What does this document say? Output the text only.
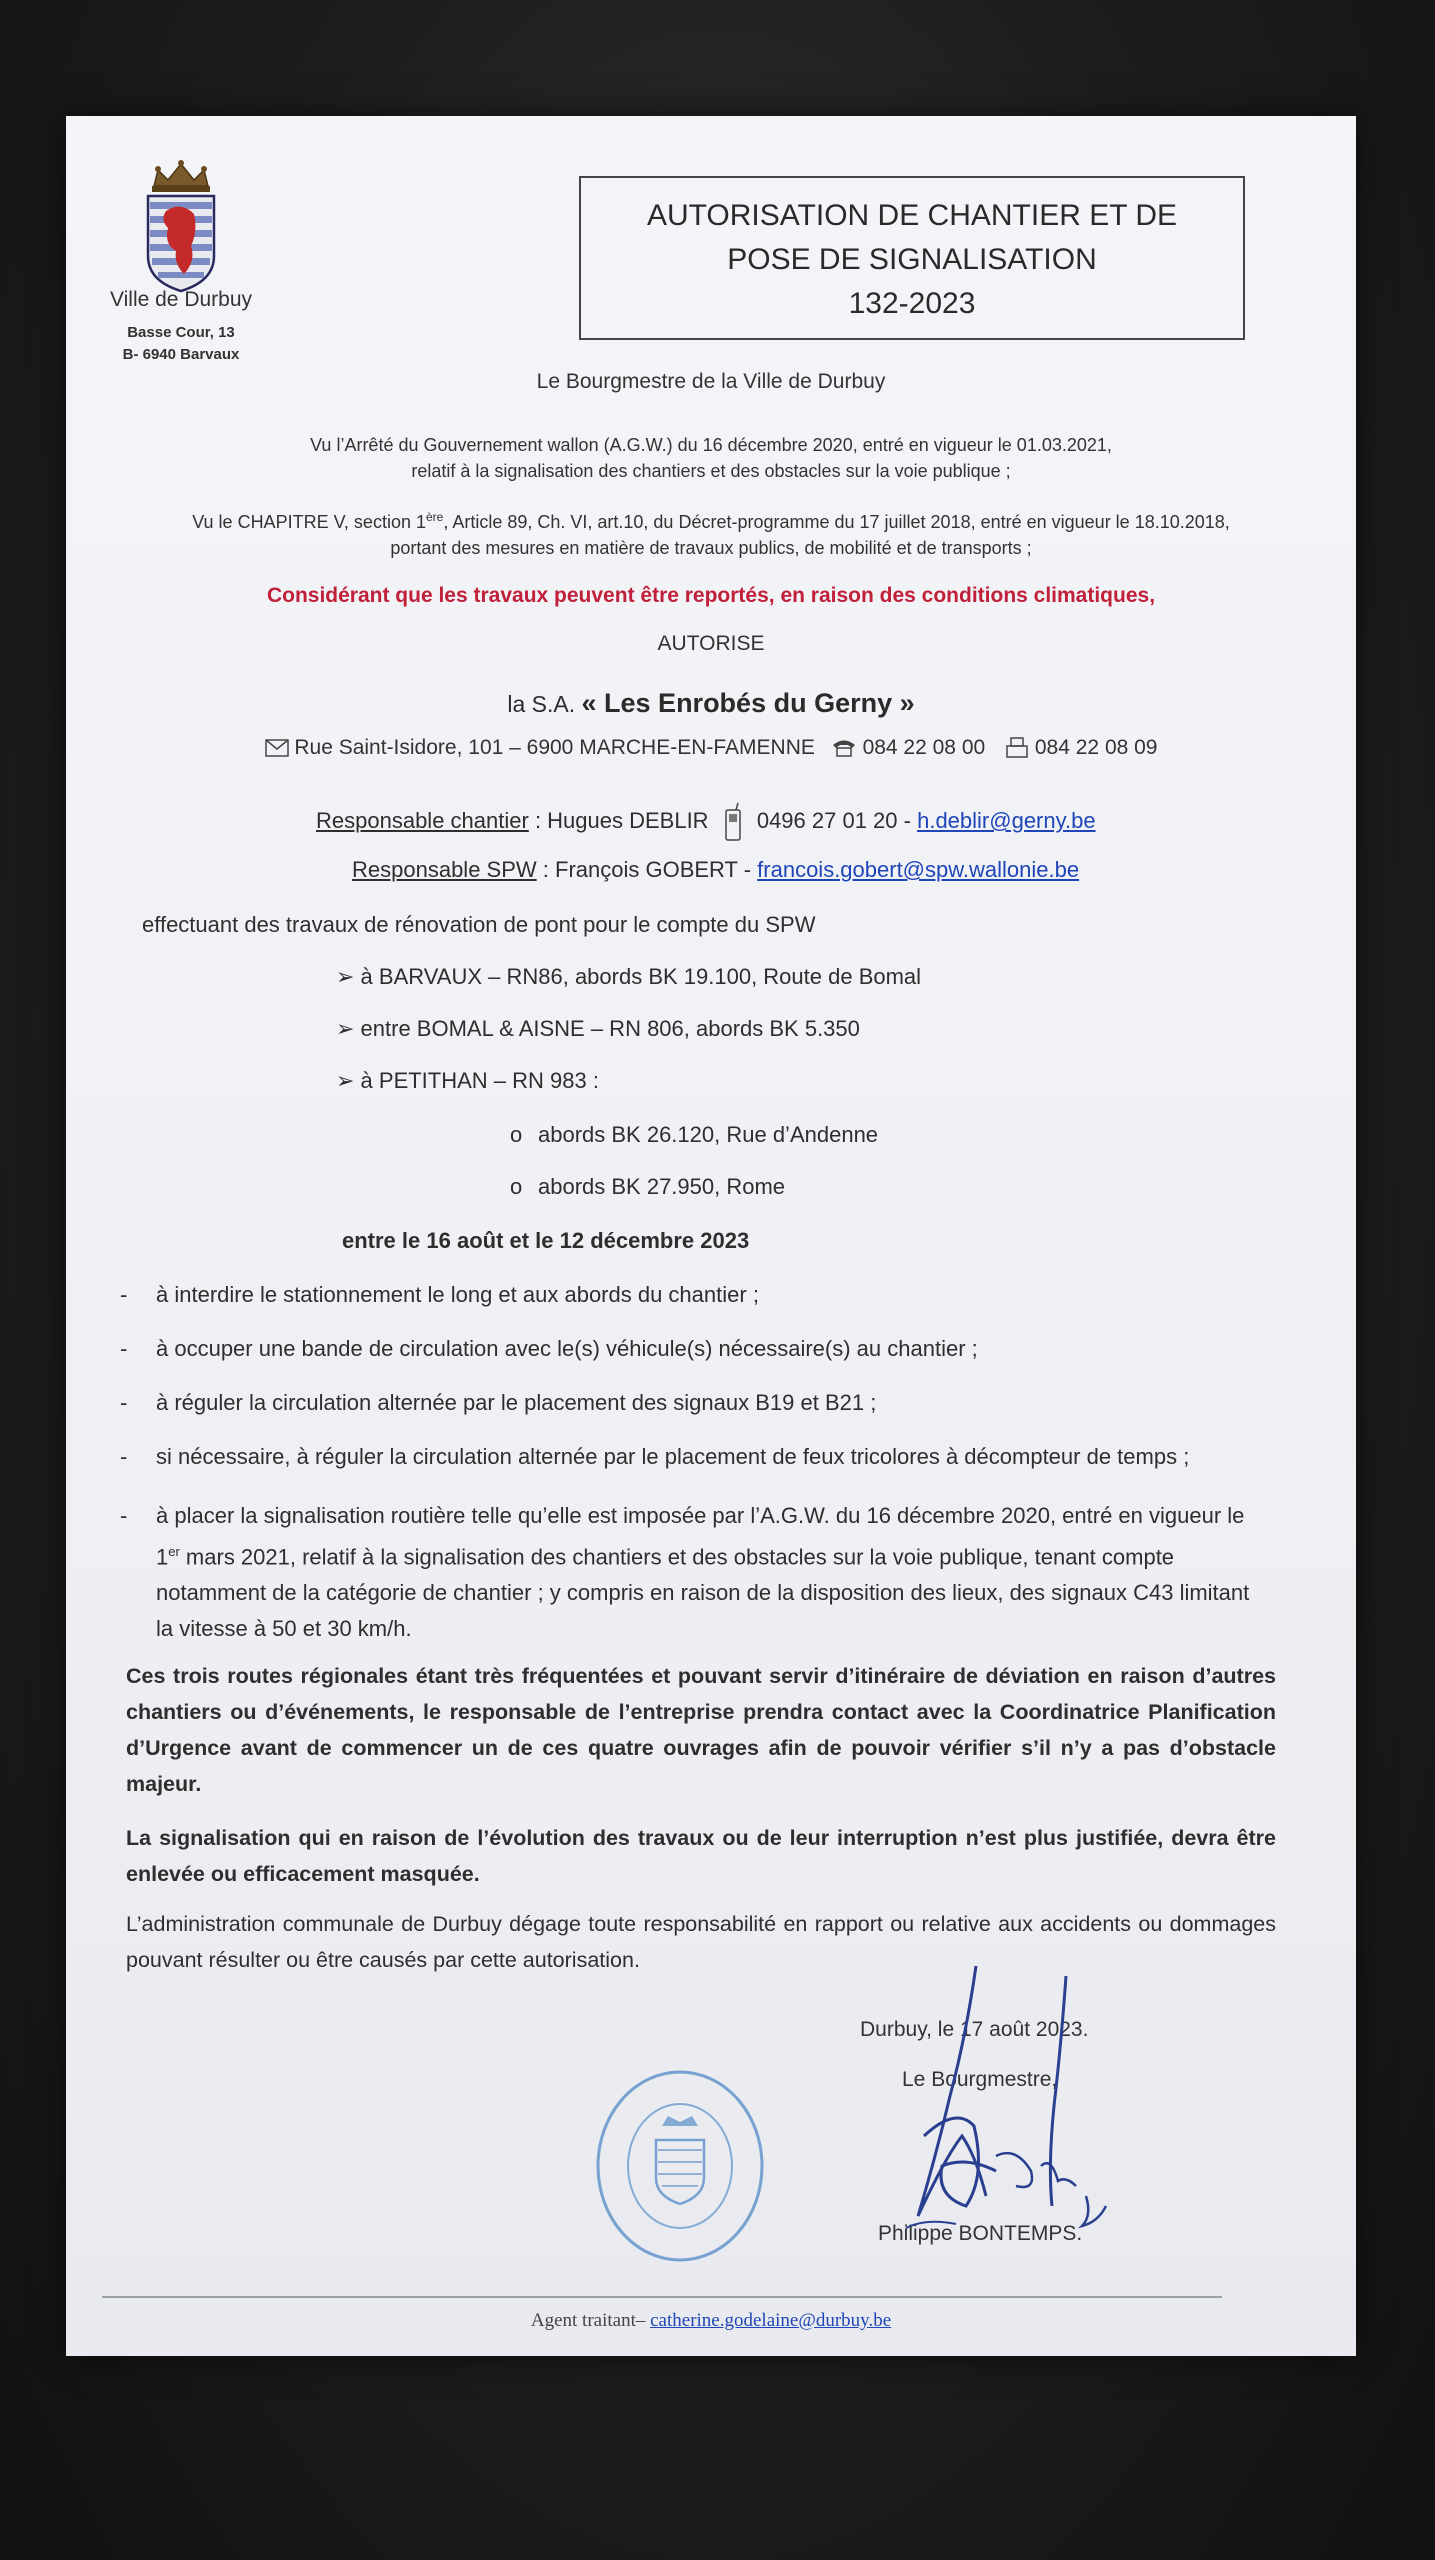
Ville de Durbuy
Basse Cour, 13
B- 6940 Barvaux
AUTORISATION DE CHANTIER ET DE
POSE DE SIGNALISATION
132-2023
Le Bourgmestre de la Ville de Durbuy
Vu l’Arrêté du Gouvernement wallon (A.G.W.) du 16 décembre 2020, entré en vigueur le 01.03.2021,
relatif à la signalisation des chantiers et des obstacles sur la voie publique ;
Vu le CHAPITRE V, section 1ère, Article 89, Ch. VI, art.10, du Décret-programme du 17 juillet 2018, entré en vigueur le 18.10.2018,
portant des mesures en matière de travaux publics, de mobilité et de transports ;
Considérant que les travaux peuvent être reportés, en raison des conditions climatiques,
AUTORISE
la S.A. « Les Enrobés du Gerny »
Rue Saint-Isidore, 101 – 6900 MARCHE-EN-FAMENNE 084 22 08 00 084 22 08 09
Responsable chantier : Hugues DEBLIR 0496 27 01 20 - h.deblir@gerny.be
Responsable SPW : François GOBERT - francois.gobert@spw.wallonie.be
effectuant des travaux de rénovation de pont pour le compte du SPW
➢ à BARVAUX – RN86, abords BK 19.100, Route de Bomal
➢ entre BOMAL & AISNE – RN 806, abords BK 5.350
➢ à PETITHAN – RN 983 :
o abords BK 26.120, Rue d’Andenne
o abords BK 27.950, Rome
entre le 16 août et le 12 décembre 2023
- à interdire le stationnement le long et aux abords du chantier ;
- à occuper une bande de circulation avec le(s) véhicule(s) nécessaire(s) au chantier ;
- à réguler la circulation alternée par le placement des signaux B19 et B21 ;
- si nécessaire, à réguler la circulation alternée par le placement de feux tricolores à décompteur de temps ;
- à placer la signalisation routière telle qu’elle est imposée par l’A.G.W. du 16 décembre 2020, entré en vigueur le
1er mars 2021, relatif à la signalisation des chantiers et des obstacles sur la voie publique, tenant compte
notamment de la catégorie de chantier ; y compris en raison de la disposition des lieux, des signaux C43 limitant
la vitesse à 50 et 30 km/h.
Ces trois routes régionales étant très fréquentées et pouvant servir d’itinéraire de déviation en raison d’autres chantiers ou d’événements, le responsable de l’entreprise prendra contact avec la Coordinatrice Planification d’Urgence avant de commencer un de ces quatre ouvrages afin de pouvoir vérifier s’il n’y a pas d’obstacle majeur.
La signalisation qui en raison de l’évolution des travaux ou de leur interruption n’est plus justifiée, devra être enlevée ou efficacement masquée.
L’administration communale de Durbuy dégage toute responsabilité en rapport ou relative aux accidents ou dommages pouvant résulter ou être causés par cette autorisation.
Durbuy, le 17 août 2023.
Le Bourgmestre,
Philippe BONTEMPS.
Agent traitant– catherine.godelaine@durbuy.be
